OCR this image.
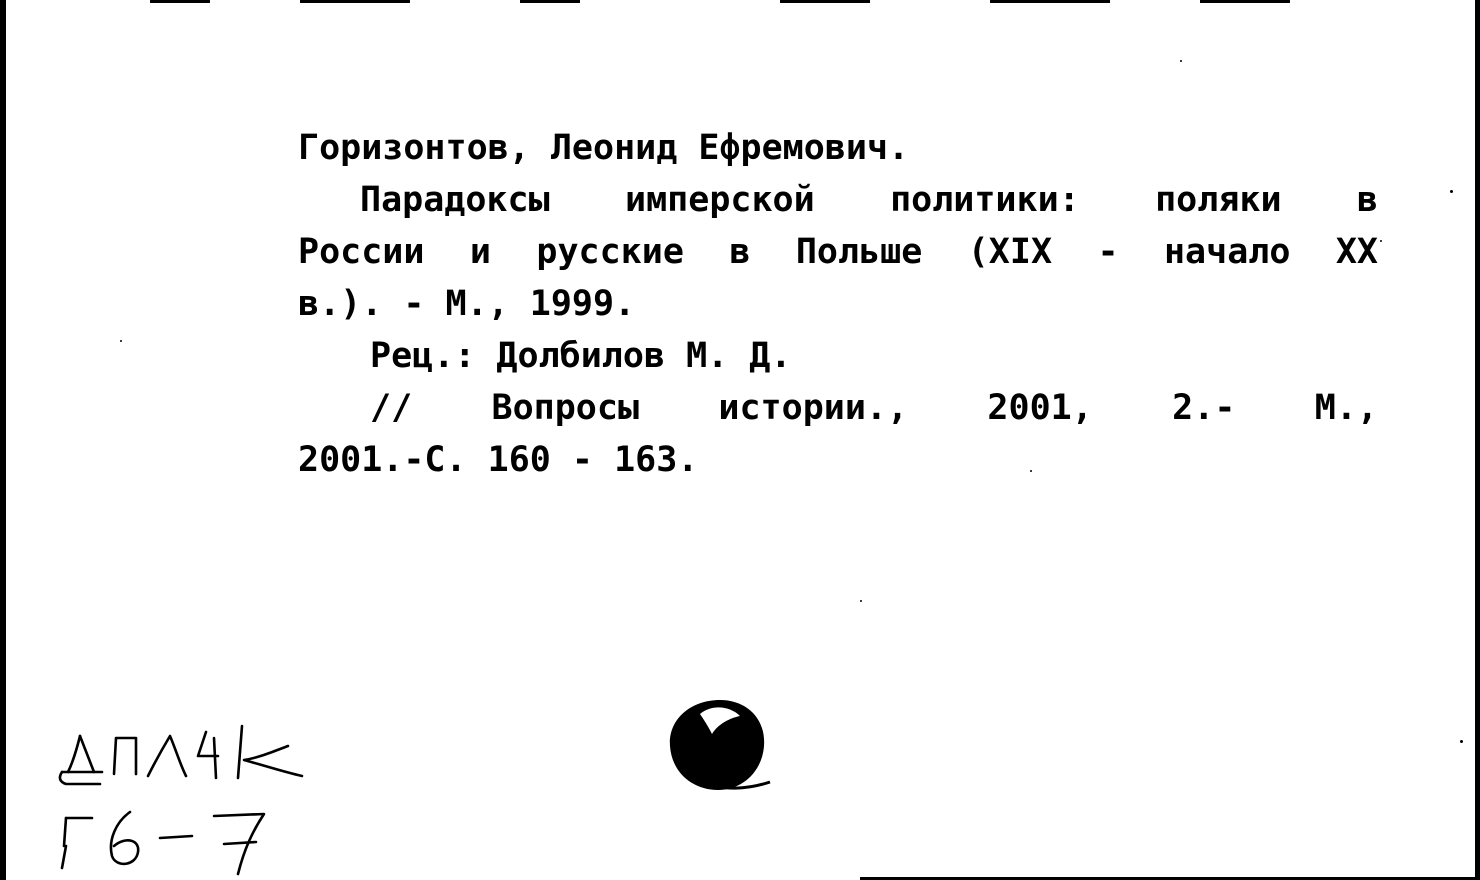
Горизонтов, Леонид Ефремович.
Парадоксы имперской политики: поляки в
России и русские в Польше (XIX - начало XX
в.). - М., 1999.
Рец.: Долбилов М. Д.
// Вопросы истории., 2001, 2.- М.,
2001.-С. 160 - 163.
